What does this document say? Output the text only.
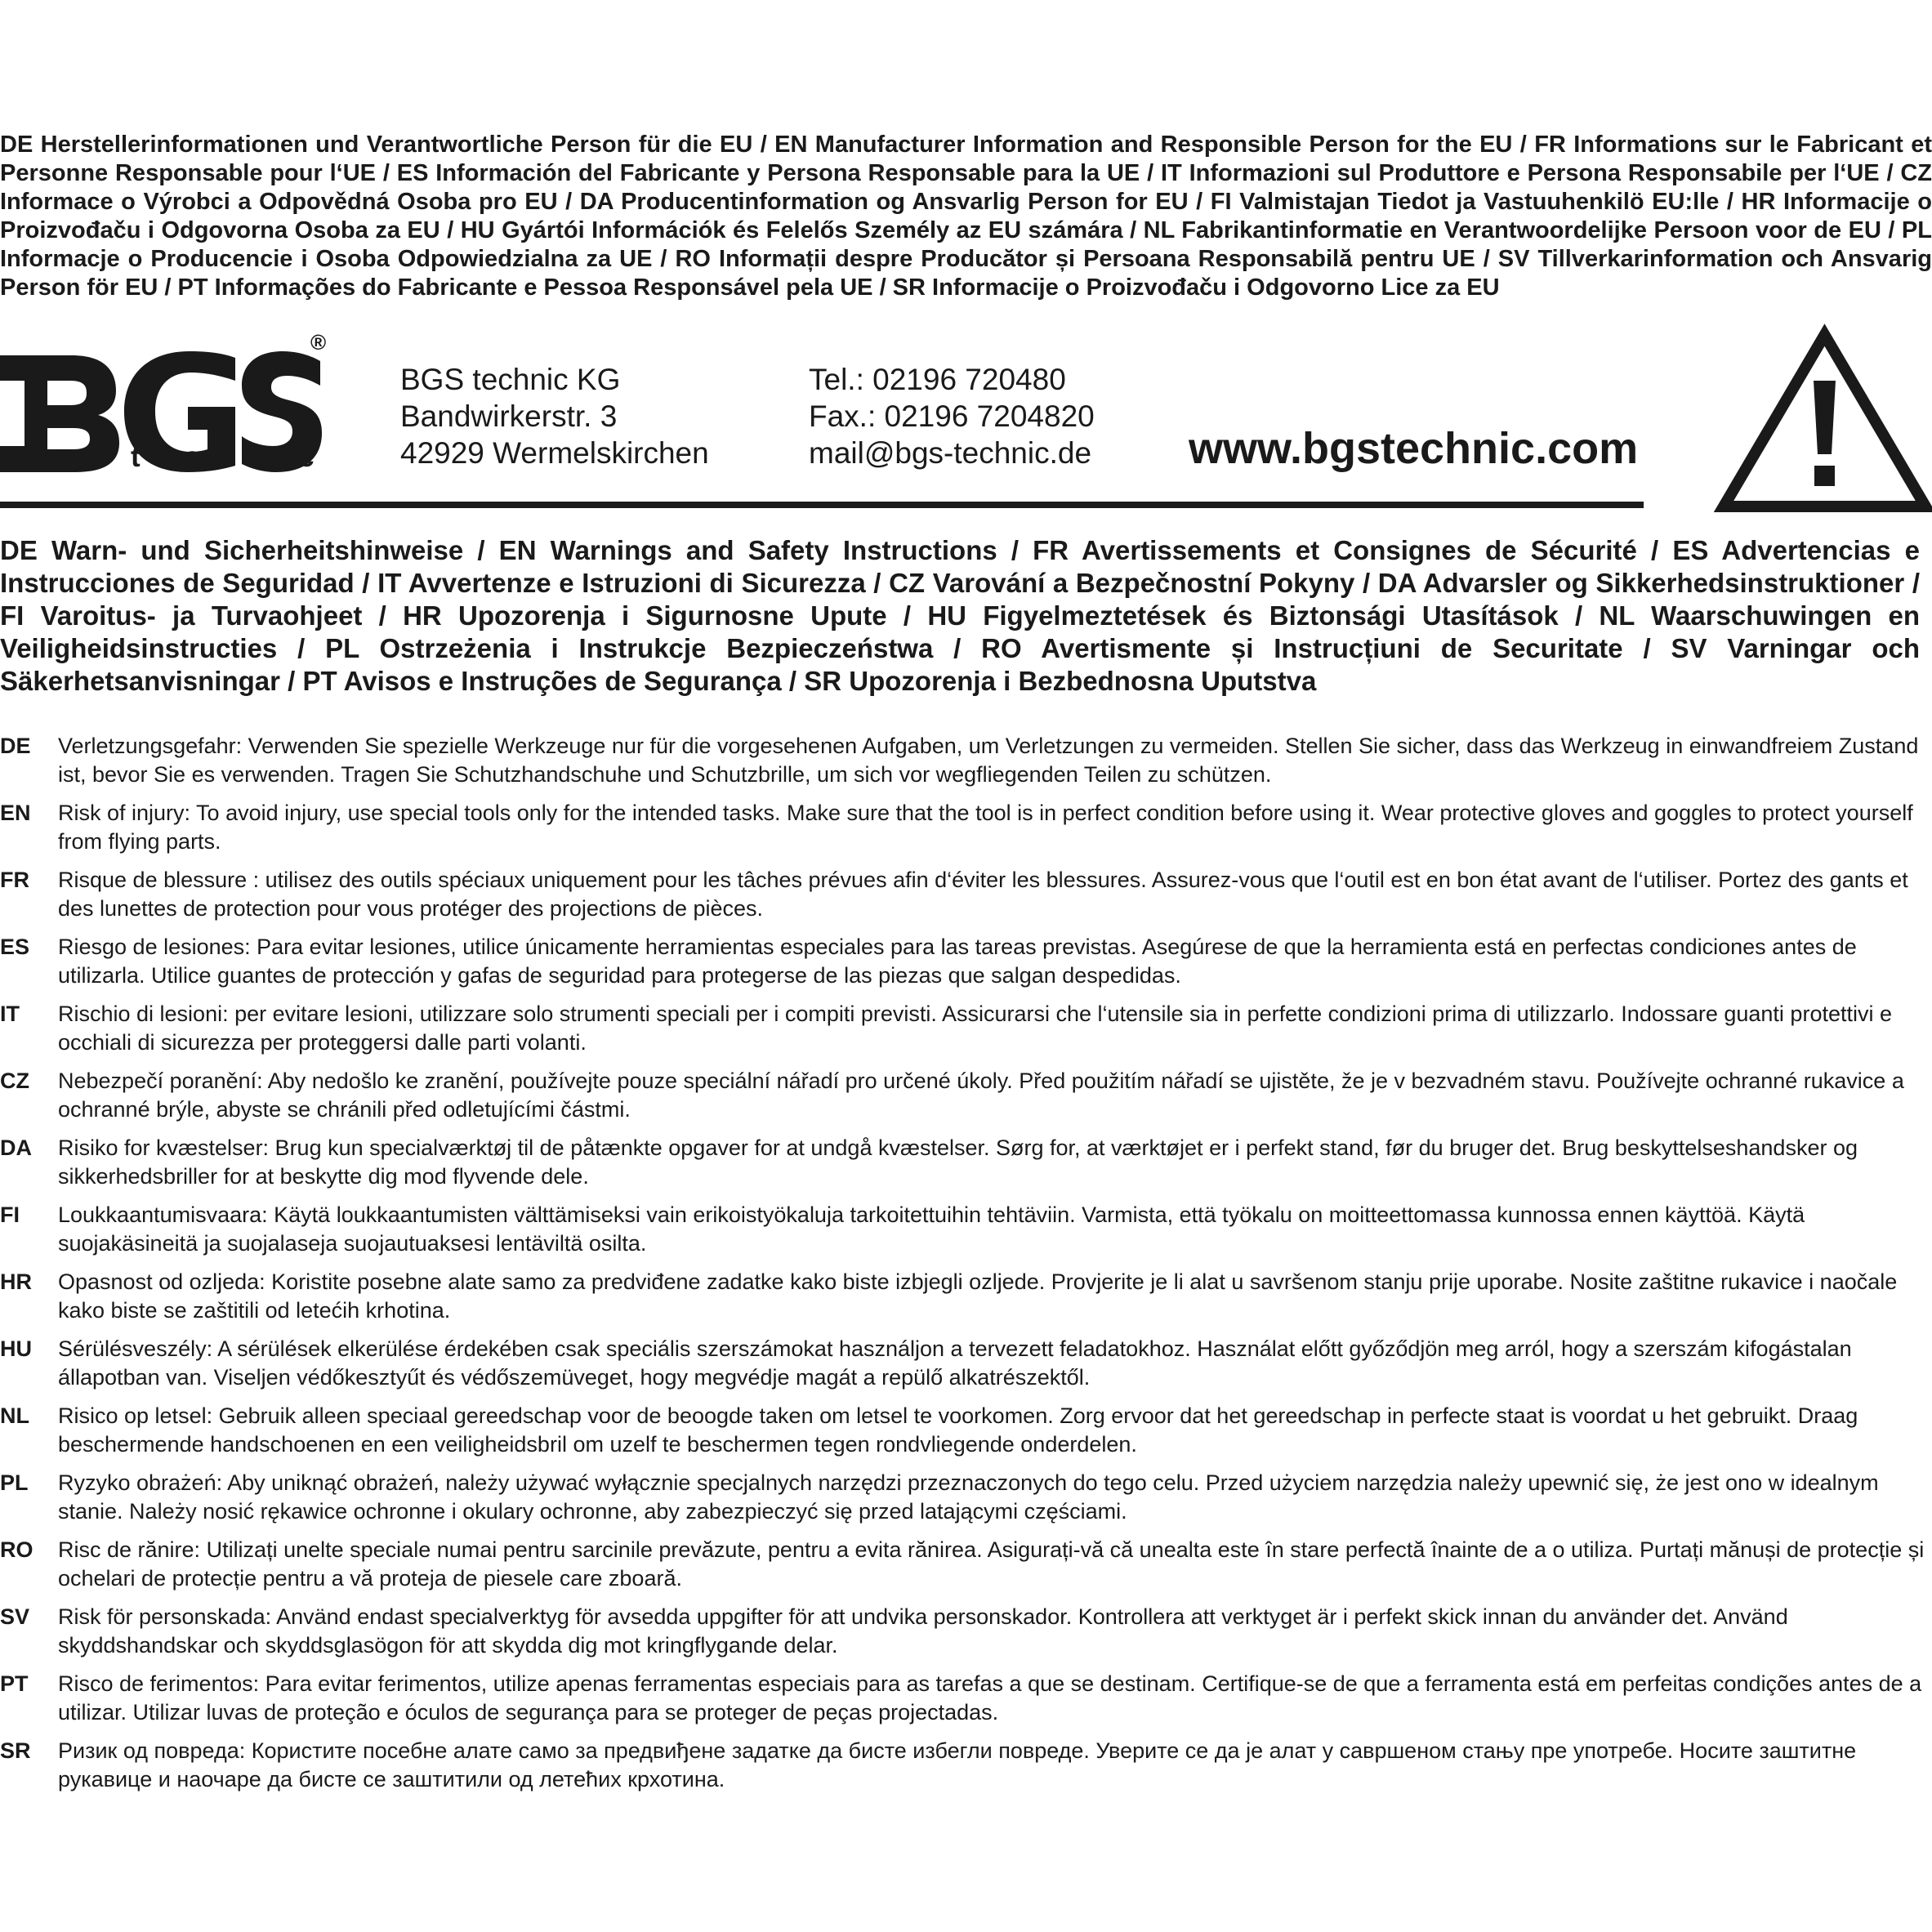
DE Herstellerinformationen und Verantwortliche Person für die EU / EN Manufacturer Information and Responsible Person for the EU / FR Informations sur le Fabricant et Personne Responsable pour l‘UE / ES Información del Fabricante y Persona Responsable para la UE / IT Informazioni sul Produttore e Persona Responsabile per l‘UE / CZ Informace o Výrobci a Odpovědná Osoba pro EU / DA Producentinformation og Ansvarlig Person for EU / FI Valmistajan Tiedot ja Vastuuhenkilö EU:lle / HR Informacije o Proizvođaču i Odgovorna Osoba za EU / HU Gyártói Információk és Felelős Személy az EU számára / NL Fabrikantinformatie en Verantwoordelijke Persoon voor de EU / PL Informacje o Producencie i Osoba Odpowiedzialna za UE / RO Informații despre Producător și Persoana Responsabilă pentru UE / SV Tillverkarinformation och Ansvarig Person för EU / PT Informações do Fabricante e Pessoa Responsável pela UE / SR Informacije o Proizvođaču i Odgovorno Lice za EU

®
technic
BGS technic KG
Bandwirkerstr. 3
42929 Wermelskirchen
Tel.: 02196 720480
Fax.: 02196 7204820
mail@bgs-technic.de www.bgstechnic.com

DE Warn- und Sicherheitshinweise / EN Warnings and Safety Instructions / FR Avertissements et Consignes de Sécurité / ES Advertencias e Instrucciones de Seguridad / IT Avvertenze e Istruzioni di Sicurezza / CZ Varování a Bezpečnostní Pokyny / DA Advarsler og Sikkerhedsinstruktioner / FI Varoitus- ja Turvaohjeet / HR Upozorenja i Sigurnosne Upute / HU Figyelmeztetések és Biztonsági Utasítások / NL Waarschuwingen en Veiligheidsinstructies / PL Ostrzeżenia i Instrukcje Bezpieczeństwa / RO Avertismente și Instrucțiuni de Securitate / SV Varningar och Säkerhetsanvisningar / PT Avisos e Instruções de Segurança / SR Upozorenja i Bezbednosna Uputstva

DE	Verletzungsgefahr: Verwenden Sie spezielle Werkzeuge nur für die vorgesehenen Aufgaben, um Verletzungen zu vermeiden. Stellen Sie sicher, dass das Werkzeug in einwandfreiem Zustand ist, bevor Sie es verwenden. Tragen Sie Schutzhandschuhe und Schutzbrille, um sich vor wegfliegenden Teilen zu schützen.
EN	Risk of injury: To avoid injury, use special tools only for the intended tasks. Make sure that the tool is in perfect condition before using it. Wear protective gloves and goggles to protect yourself from flying parts.
FR	Risque de blessure : utilisez des outils spéciaux uniquement pour les tâches prévues afin d‘éviter les blessures. Assurez-vous que l‘outil est en bon état avant de l‘utiliser. Portez des gants et des lunettes de protection pour vous protéger des projections de pièces.
ES	Riesgo de lesiones: Para evitar lesiones, utilice únicamente herramientas especiales para las tareas previstas. Asegúrese de que la herramienta está en perfectas condiciones antes de utilizarla. Utilice guantes de protección y gafas de seguridad para protegerse de las piezas que salgan despedidas.
IT	Rischio di lesioni: per evitare lesioni, utilizzare solo strumenti speciali per i compiti previsti. Assicurarsi che l‘utensile sia in perfette condizioni prima di utilizzarlo. Indossare guanti protettivi e occhiali di sicurezza per proteggersi dalle parti volanti.
CZ	Nebezpečí poranění: Aby nedošlo ke zranění, používejte pouze speciální nářadí pro určené úkoly. Před použitím nářadí se ujistěte, že je v bezvadném stavu. Používejte ochranné rukavice a ochranné brýle, abyste se chránili před odletujícími částmi.
DA	Risiko for kvæstelser: Brug kun specialværktøj til de påtænkte opgaver for at undgå kvæstelser. Sørg for, at værktøjet er i perfekt stand, før du bruger det. Brug beskyttelseshandsker og sikkerhedsbriller for at beskytte dig mod flyvende dele.
FI	Loukkaantumisvaara: Käytä loukkaantumisten välttämiseksi vain erikoistyökaluja tarkoitettuihin tehtäviin. Varmista, että työkalu on moitteettomassa kunnossa ennen käyttöä. Käytä suojakäsineitä ja suojalaseja suojautuaksesi lentäviltä osilta.
HR	Opasnost od ozljeda: Koristite posebne alate samo za predviđene zadatke kako biste izbjegli ozljede. Provjerite je li alat u savršenom stanju prije uporabe. Nosite zaštitne rukavice i naočale kako biste se zaštitili od letećih krhotina.
HU	Sérülésveszély: A sérülések elkerülése érdekében csak speciális szerszámokat használjon a tervezett feladatokhoz. Használat előtt győződjön meg arról, hogy a szerszám kifogástalan állapotban van. Viseljen védőkesztyűt és védőszemüveget, hogy megvédje magát a repülő alkatrészektől.
NL	Risico op letsel: Gebruik alleen speciaal gereedschap voor de beoogde taken om letsel te voorkomen. Zorg ervoor dat het gereedschap in perfecte staat is voordat u het gebruikt. Draag beschermende handschoenen en een veiligheidsbril om uzelf te beschermen tegen rondvliegende onderdelen.
PL	Ryzyko obrażeń: Aby uniknąć obrażeń, należy używać wyłącznie specjalnych narzędzi przeznaczonych do tego celu. Przed użyciem narzędzia należy upewnić się, że jest ono w idealnym stanie. Należy nosić rękawice ochronne i okulary ochronne, aby zabezpieczyć się przed latającymi częściami.
RO	Risc de rănire: Utilizați unelte speciale numai pentru sarcinile prevăzute, pentru a evita rănirea. Asigurați-vă că unealta este în stare perfectă înainte de a o utiliza. Purtați mănuși de protecție și ochelari de protecție pentru a vă proteja de piesele care zboară.
SV	Risk för personskada: Använd endast specialverktyg för avsedda uppgifter för att undvika personskador. Kontrollera att verktyget är i perfekt skick innan du använder det. Använd skyddshandskar och skyddsglasögon för att skydda dig mot kringflygande delar.
PT	Risco de ferimentos: Para evitar ferimentos, utilize apenas ferramentas especiais para as tarefas a que se destinam. Certifique-se de que a ferramenta está em perfeitas condições antes de a utilizar. Utilizar luvas de proteção e óculos de segurança para se proteger de peças projectadas.
SR	Ризик од повреда: Користите посебне алате само за предвиђене задатке да бисте избегли повреде. Уверите се да је алат у савршеном стању пре употребе. Носите заштитне рукавице и наочаре да бисте се заштитили од летећих крхотина.
